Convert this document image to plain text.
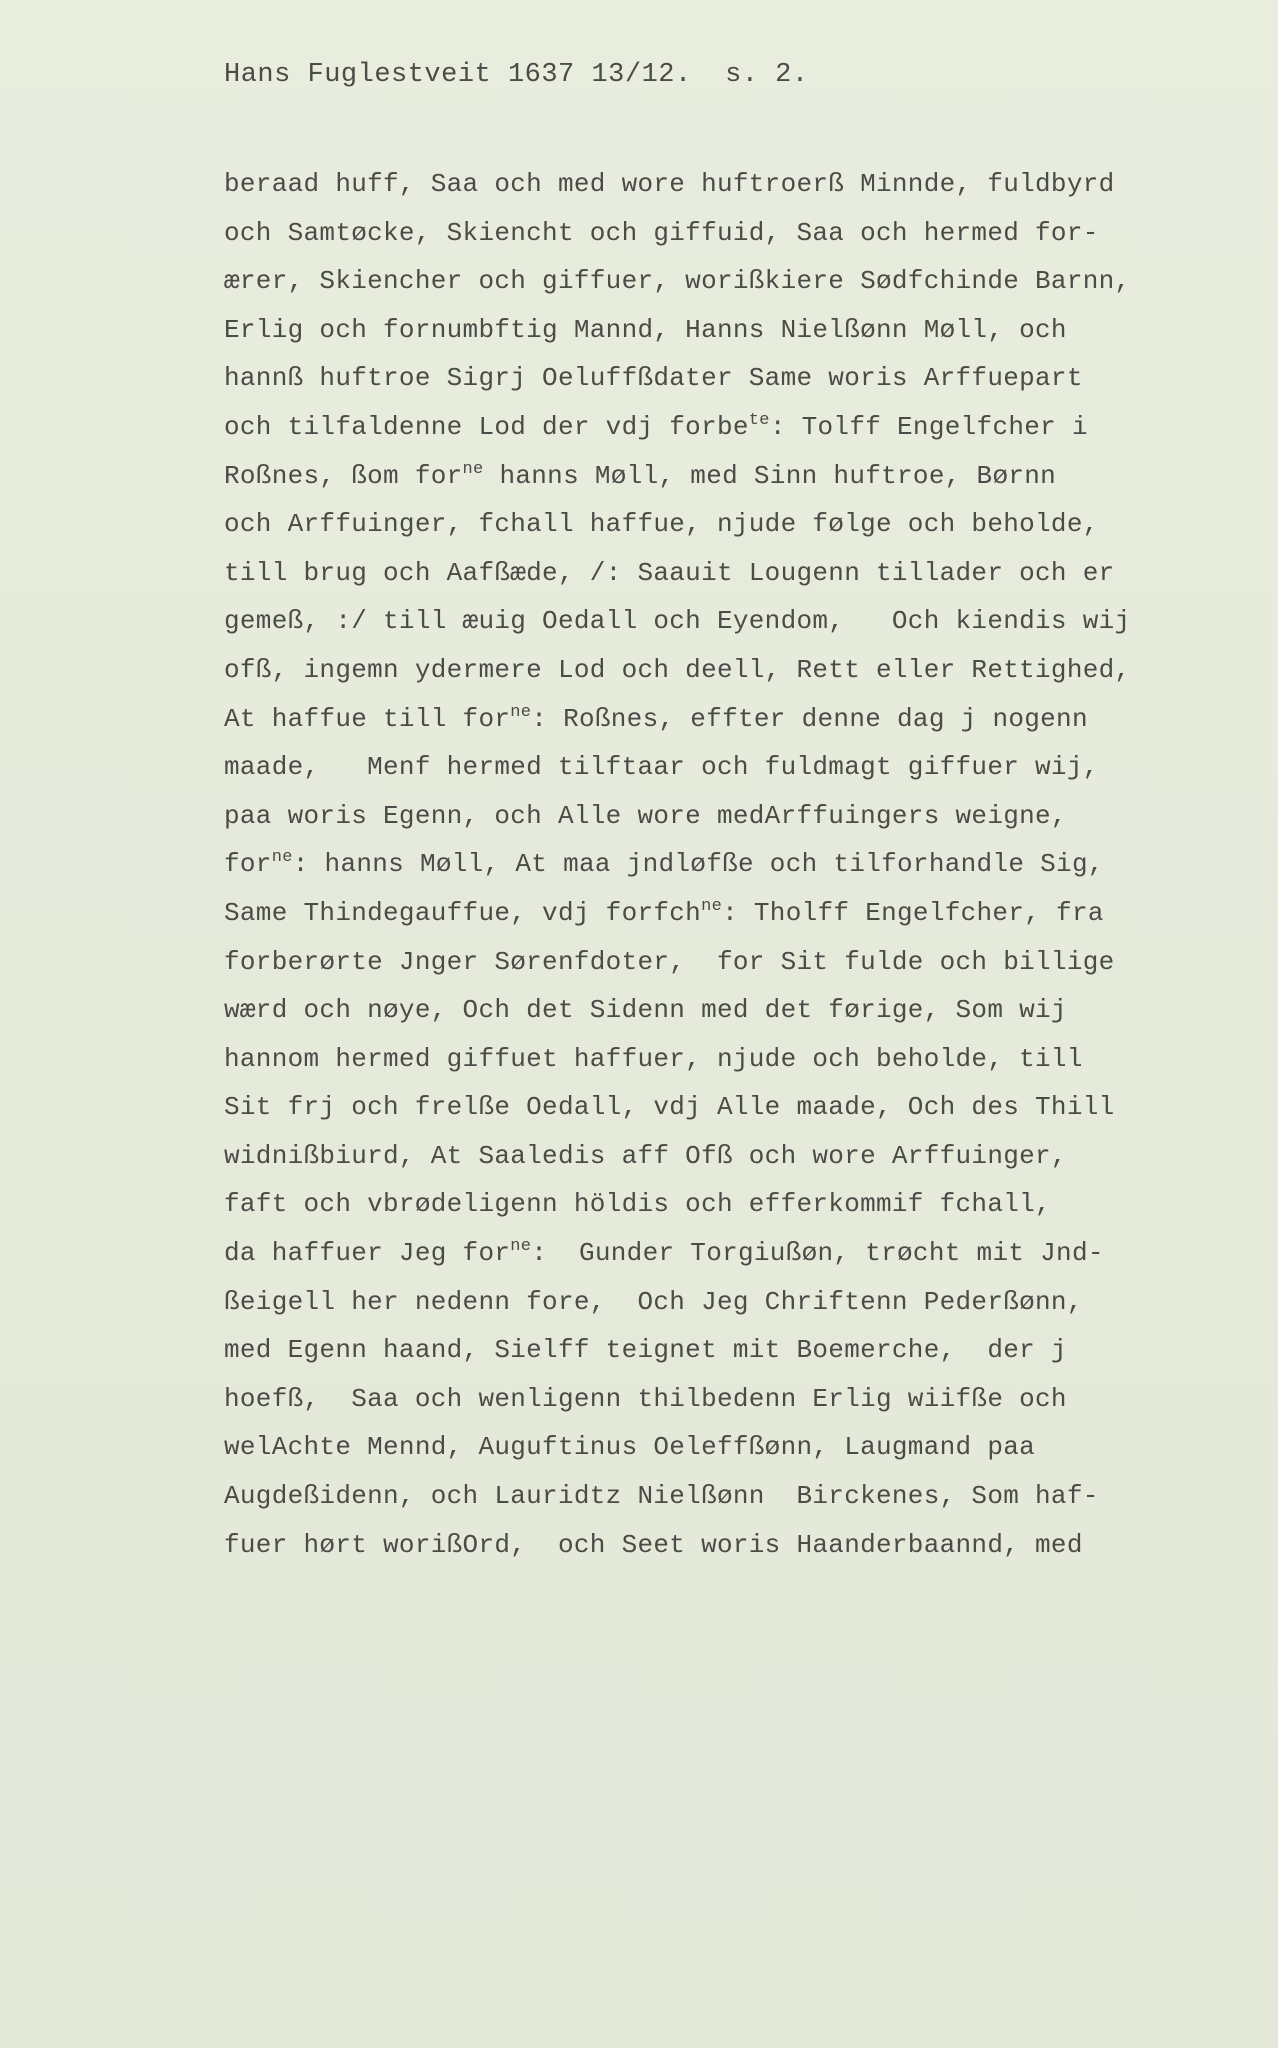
Hans Fuglestveit 1637 13/12.  s. 2.
beraad huff, Saa och med wore huftroerß Minnde, fuldbyrd
och Samtøcke, Skiencht och giffuid, Saa och hermed for-
ærer, Skiencher och giffuer, worißkiere Sødfchinde Barnn,
Erlig och fornumbftig Mannd, Hanns Nielßønn Møll, och
hannß huftroe Sigrj Oeluffßdater Same woris Arffuepart
och tilfaldenne Lod der vdj forbe$^{te}$: Tolff Engelfcher i
Roßnes, ßom for$^{ne}$ hanns Møll, med Sinn huftroe, Børnn
och Arffuinger, fchall haffue, njude følge och beholde,
till brug och Aafßæde, /: Saauit Lougenn tillader och er
gemeß, :/ till æuig Oedall och Eyendom,   Och kiendis wij
ofß, ingemn ydermere Lod och deell, Rett eller Rettighed,
At haffue till for$^{ne}$: Roßnes, effter denne dag j nogenn
maade,   Menf hermed tilftaar och fuldmagt giffuer wij,
paa woris Egenn, och Alle wore medArffuingers weigne,
for$^{ne}$: hanns Møll, At maa jndløfße och tilforhandle Sig,
Same Thindegauffue, vdj forfch$^{ne}$: Tholff Engelfcher, fra
forberørte Jnger Sørenfdoter,  for Sit fulde och billige
wærd och nøye, Och det Sidenn med det førige, Som wij
hannom hermed giffuet haffuer, njude och beholde, till
Sit frj och frelße Oedall, vdj Alle maade, Och des Thill
widnißbiurd, At Saaledis aff Ofß och wore Arffuinger,
faft och vbrødeligenn höldis och efferkommif fchall,
da haffuer Jeg for$^{ne}$:  Gunder Torgiußøn, trøcht mit Jnd-
ßeigell her nedenn fore,  Och Jeg Chriftenn Pederßønn,
med Egenn haand, Sielff teignet mit Boemerche,  der j
hoefß,  Saa och wenligenn thilbedenn Erlig wiifße och
welAchte Mennd, Auguftinus Oeleffßønn, Laugmand paa
Augdeßidenn, och Lauridtz Nielßønn  Birckenes, Som haf-
fuer hørt worißOrd,  och Seet woris Haanderbaannd, med
